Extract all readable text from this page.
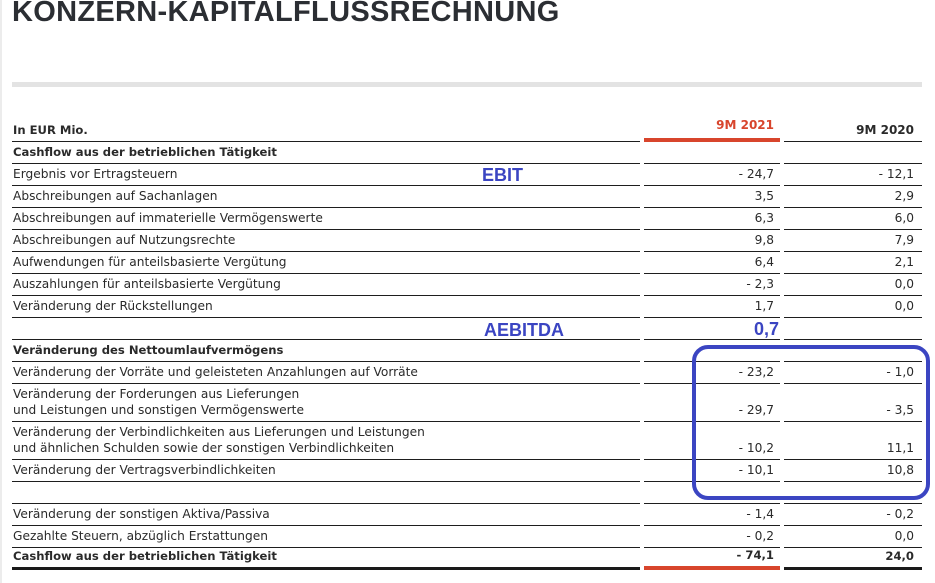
KONZERN-KAPITALFLUSSRECHNUNG
In EUR Mio.	9M 2021	9M 2020
Cashflow aus der betrieblichen Tätigkeit
Ergebnis vor Ertragsteuern	- 24,7	- 12,1
Abschreibungen auf Sachanlagen	3,5	2,9
Abschreibungen auf immaterielle Vermögenswerte	6,3	6,0
Abschreibungen auf Nutzungsrechte	9,8	7,9
Aufwendungen für anteilsbasierte Vergütung	6,4	2,1
Auszahlungen für anteilsbasierte Vergütung	- 2,3	0,0
Veränderung der Rückstellungen	1,7	0,0
Veränderung des Nettoumlaufvermögens
Veränderung der Vorräte und geleisteten Anzahlungen auf Vorräte	- 23,2	- 1,0
Veränderung der Forderungen aus Lieferungen
und Leistungen und sonstigen Vermögenswerte	- 29,7	- 3,5
Veränderung der Verbindlichkeiten aus Lieferungen und Leistungen
und ähnlichen Schulden sowie der sonstigen Verbindlichkeiten	- 10,2	11,1
Veränderung der Vertragsverbindlichkeiten	- 10,1	10,8
Veränderung der sonstigen Aktiva/Passiva	- 1,4	- 0,2
Gezahlte Steuern, abzüglich Erstattungen	- 0,2	0,0
Cashflow aus der betrieblichen Tätigkeit	- 74,1	24,0
EBIT
AEBITDA	0,7
